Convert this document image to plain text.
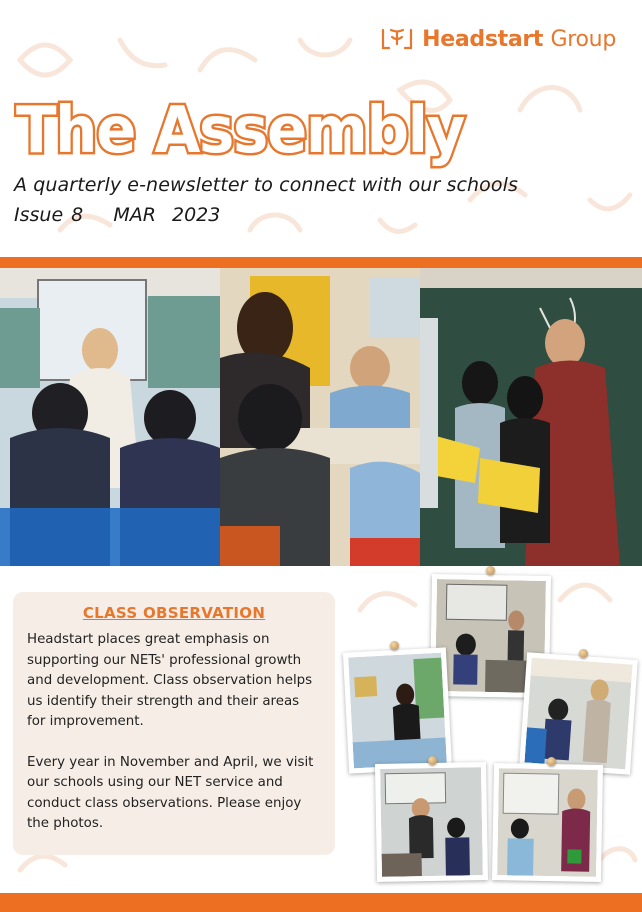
Headstart Group
The Assembly
A quarterly e-newsletter to connect with our schools
Issue 8 MAR  2023
CLASS OBSERVATION

Headstart places great emphasis on supporting our NETs' professional growth and development. Class observation helps us identify their strength and their areas for improvement.

Every year in November and April, we visit our schools using our NET service and conduct class observations. Please enjoy the photos.
